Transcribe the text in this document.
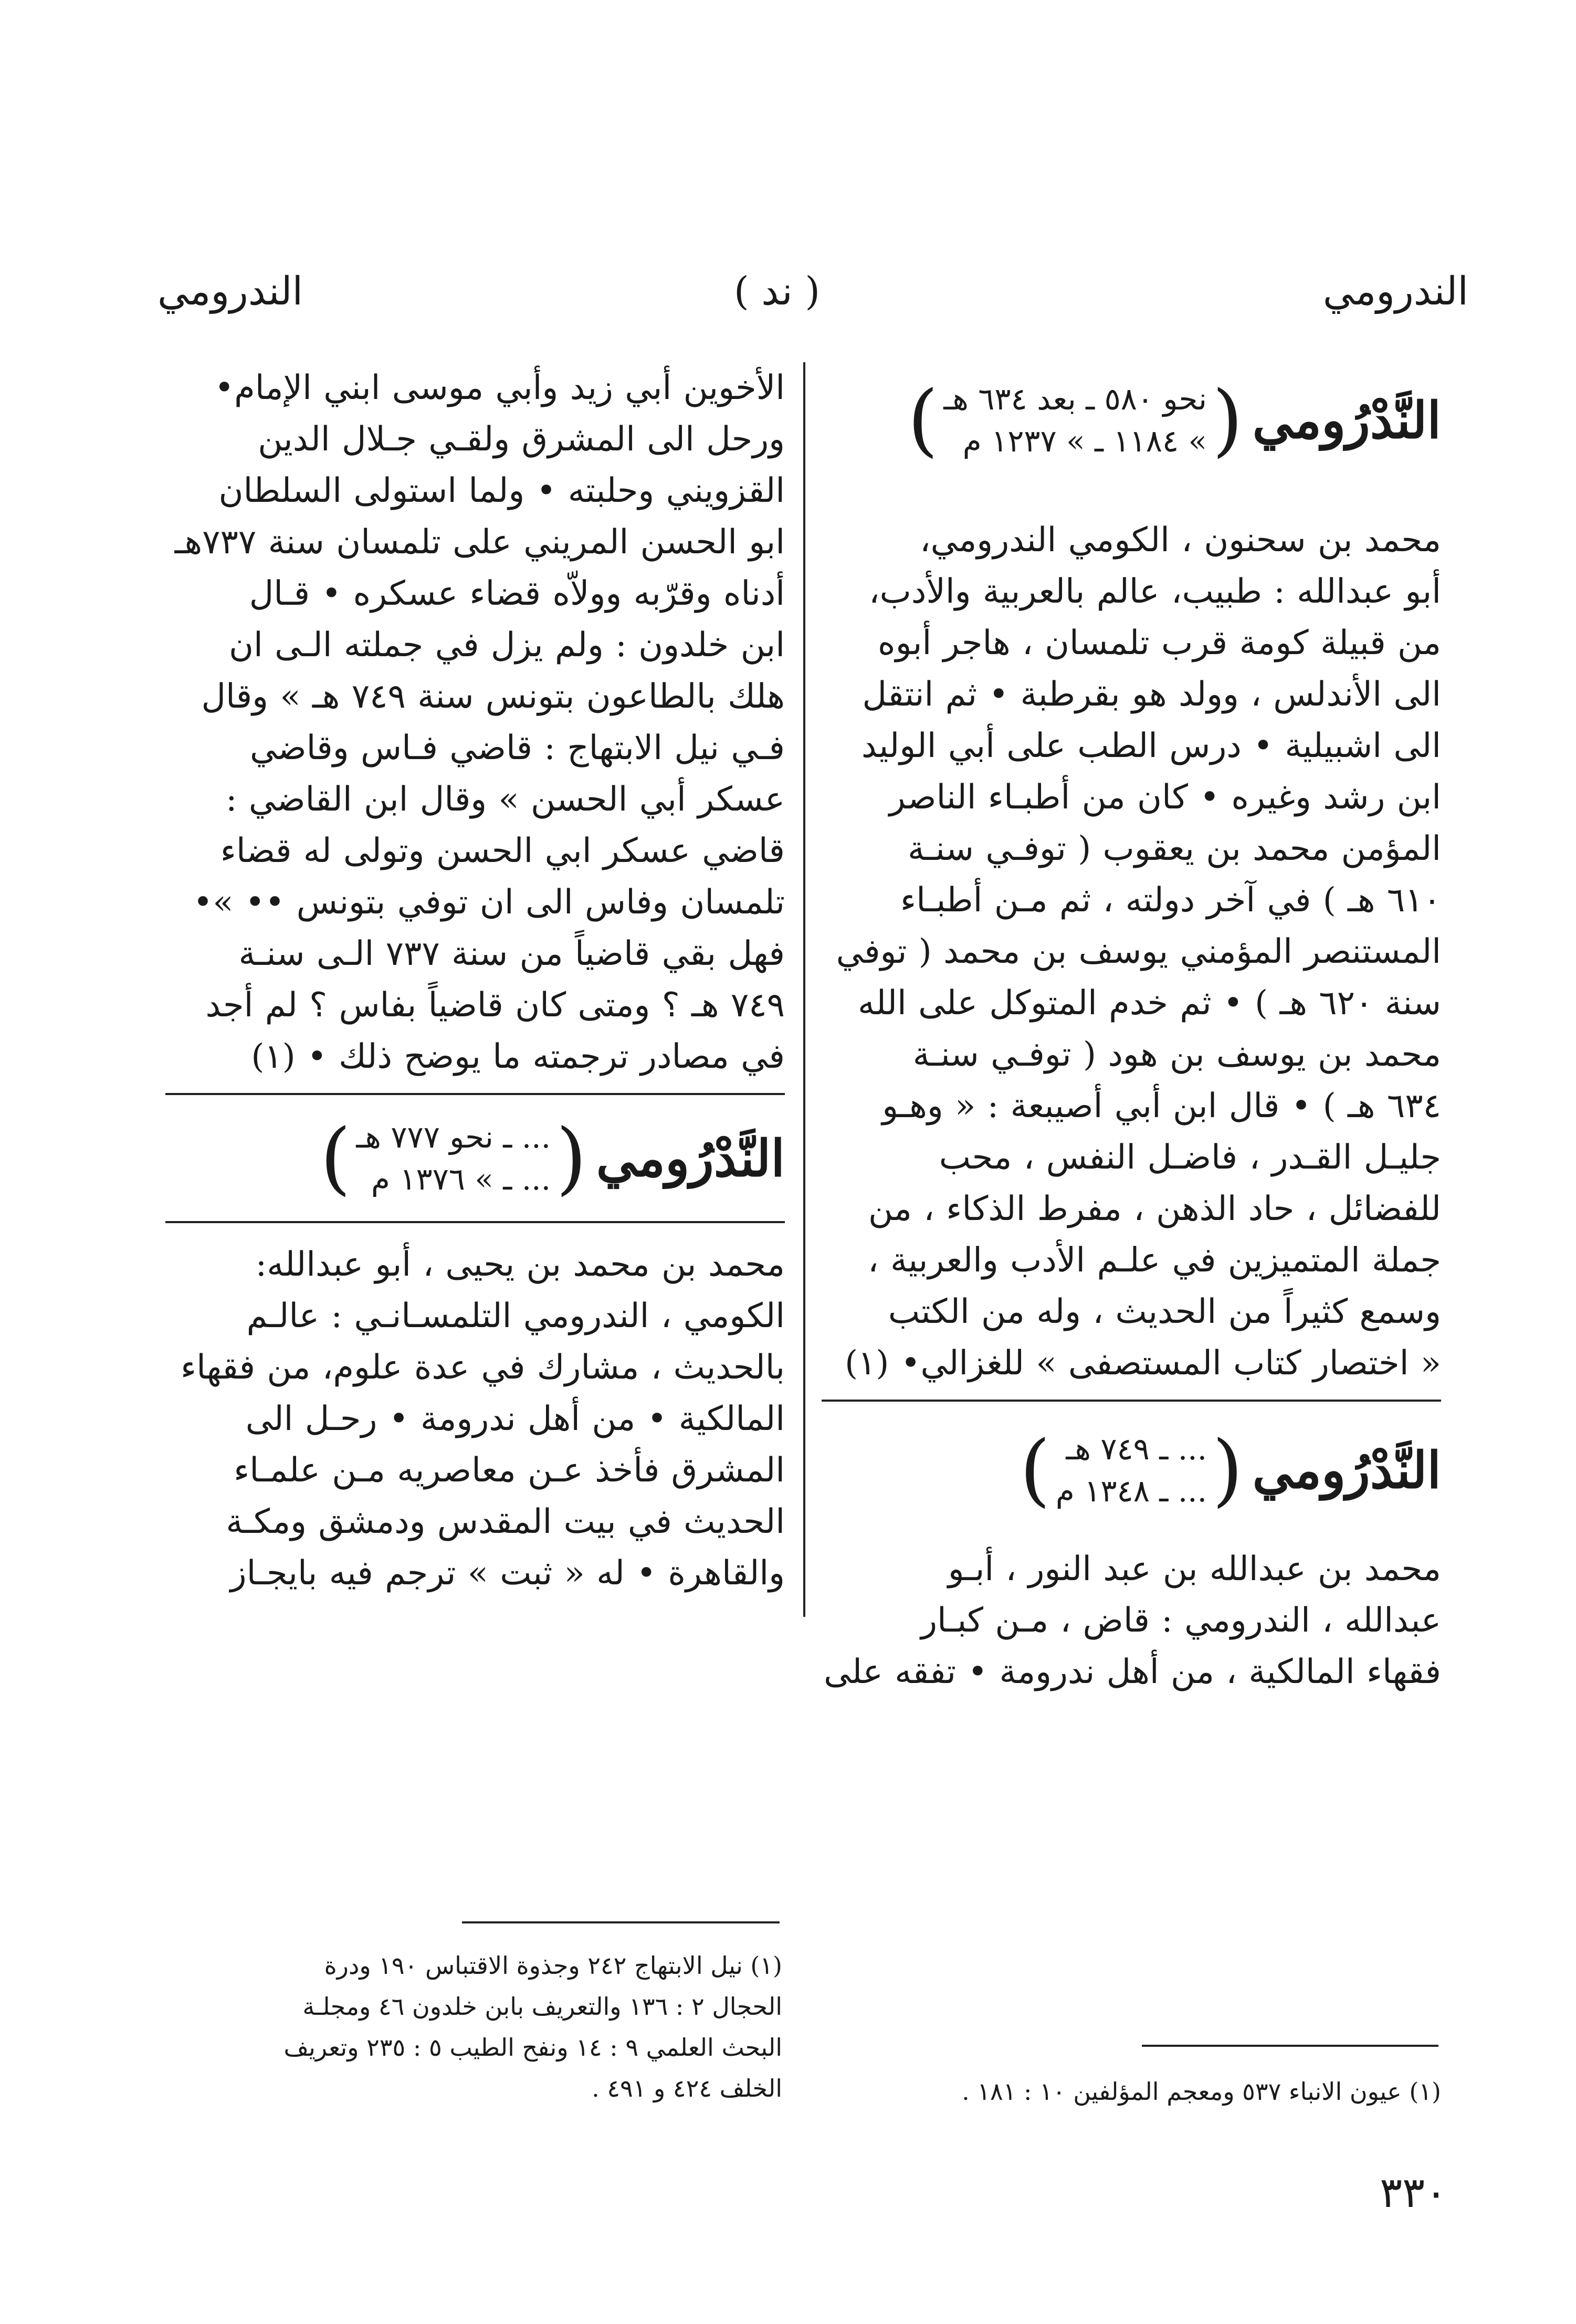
الندرومي
( ند )
الندرومي
النَّدْرُومي
(
نحو ٥٨٠ ـ بعد ٦٣٤ هـ
» ١١٨٤ ـ » ١٢٣٧ م
)

محمد بن سحنون ، الكومي الندرومي،

أبو عبدالله : طبيب، عالم بالعربية والأدب،

من قبيلة كومة قرب تلمسان ، هاجر أبوه

الى الأندلس ، وولد هو بقرطبة • ثم انتقل

الى اشبيلية • درس الطب على أبي الوليد

ابن رشد وغيره • كان من أطبـاء الناصر

المؤمن محمد بن يعقوب ( توفـي سنـة

٦١٠ هـ ) في آخر دولته ، ثم مـن أطبـاء

المستنصر المؤمني يوسف بن محمد ( توفي

سنة ٦٢٠ هـ ) • ثم خدم المتوكل على الله

محمد بن يوسف بن هود ( توفـي سنـة

٦٣٤ هـ ) • قال ابن أبي أصيبعة : « وهـو

جليـل القـدر ، فاضـل النفس ، محب

للفضائل ، حاد الذهن ، مفرط الذكاء ، من

جملة المتميزين في علـم الأدب والعربية ،

وسمع كثيراً من الحديث ، وله من الكتب

« اختصار كتاب المستصفى » للغزالي• (١)

النَّدْرُومي
(
... ـ ٧٤٩ هـ
... ـ ١٣٤٨ م
)

محمد بن عبدالله بن عبد النور ، أبـو

عبدالله ، الندرومي : قاض ، مـن كبـار

فقهاء المالكية ، من أهل ندرومة • تفقه على

الأخوين أبي زيد وأبي موسى ابني الإمام•

ورحل الى المشرق ولقـي جـلال الدين

القزويني وحلبته • ولما استولى السلطان

ابو الحسن المريني على تلمسان سنة ٧٣٧هـ

أدناه وقرّبه وولاّه قضاء عسكره • قـال

ابن خلدون : ولم يزل في جملته الـى ان

هلك بالطاعون بتونس سنة ٧٤٩ هـ » وقال

فـي نيل الابتهاج : قاضي فـاس وقاضي

عسكر أبي الحسن » وقال ابن القاضي :

قاضي عسكر ابي الحسن وتولى له قضاء

تلمسان وفاس الى ان توفي بتونس •• »•

فهل بقي قاضياً من سنة ٧٣٧ الـى سنـة

٧٤٩ هـ ؟ ومتى كان قاضياً بفاس ؟ لم أجد

في مصادر ترجمته ما يوضح ذلك • (١)

النَّدْرُومي
(
... ـ نحو ٧٧٧ هـ
... ـ » ١٣٧٦ م
)

محمد بن محمد بن يحيى ، أبو عبدالله:

الكومي ، الندرومي التلمسـانـي : عالـم

بالحديث ، مشارك في عدة علوم، من فقهاء

المالكية • من أهل ندرومة • رحـل الى

المشرق فأخذ عـن معاصريه مـن علمـاء

الحديث في بيت المقدس ودمشق ومكـة

والقاهرة • له « ثبت » ترجم فيه بايجـاز

(١) نيل الابتهاج ٢٤٢ وجذوة الاقتباس ١٩٠ ودرة
الحجال ٢ : ١٣٦ والتعريف بابن خلدون ٤٦ ومجلـة
البحث العلمي ٩ : ١٤ ونفح الطيب ٥ : ٢٣٥ وتعريف
الخلف ٤٢٤ و ٤٩١ .	(١) عيون الانباء ٥٣٧ ومعجم المؤلفين ١٠ : ١٨١ .
٣٣٠
